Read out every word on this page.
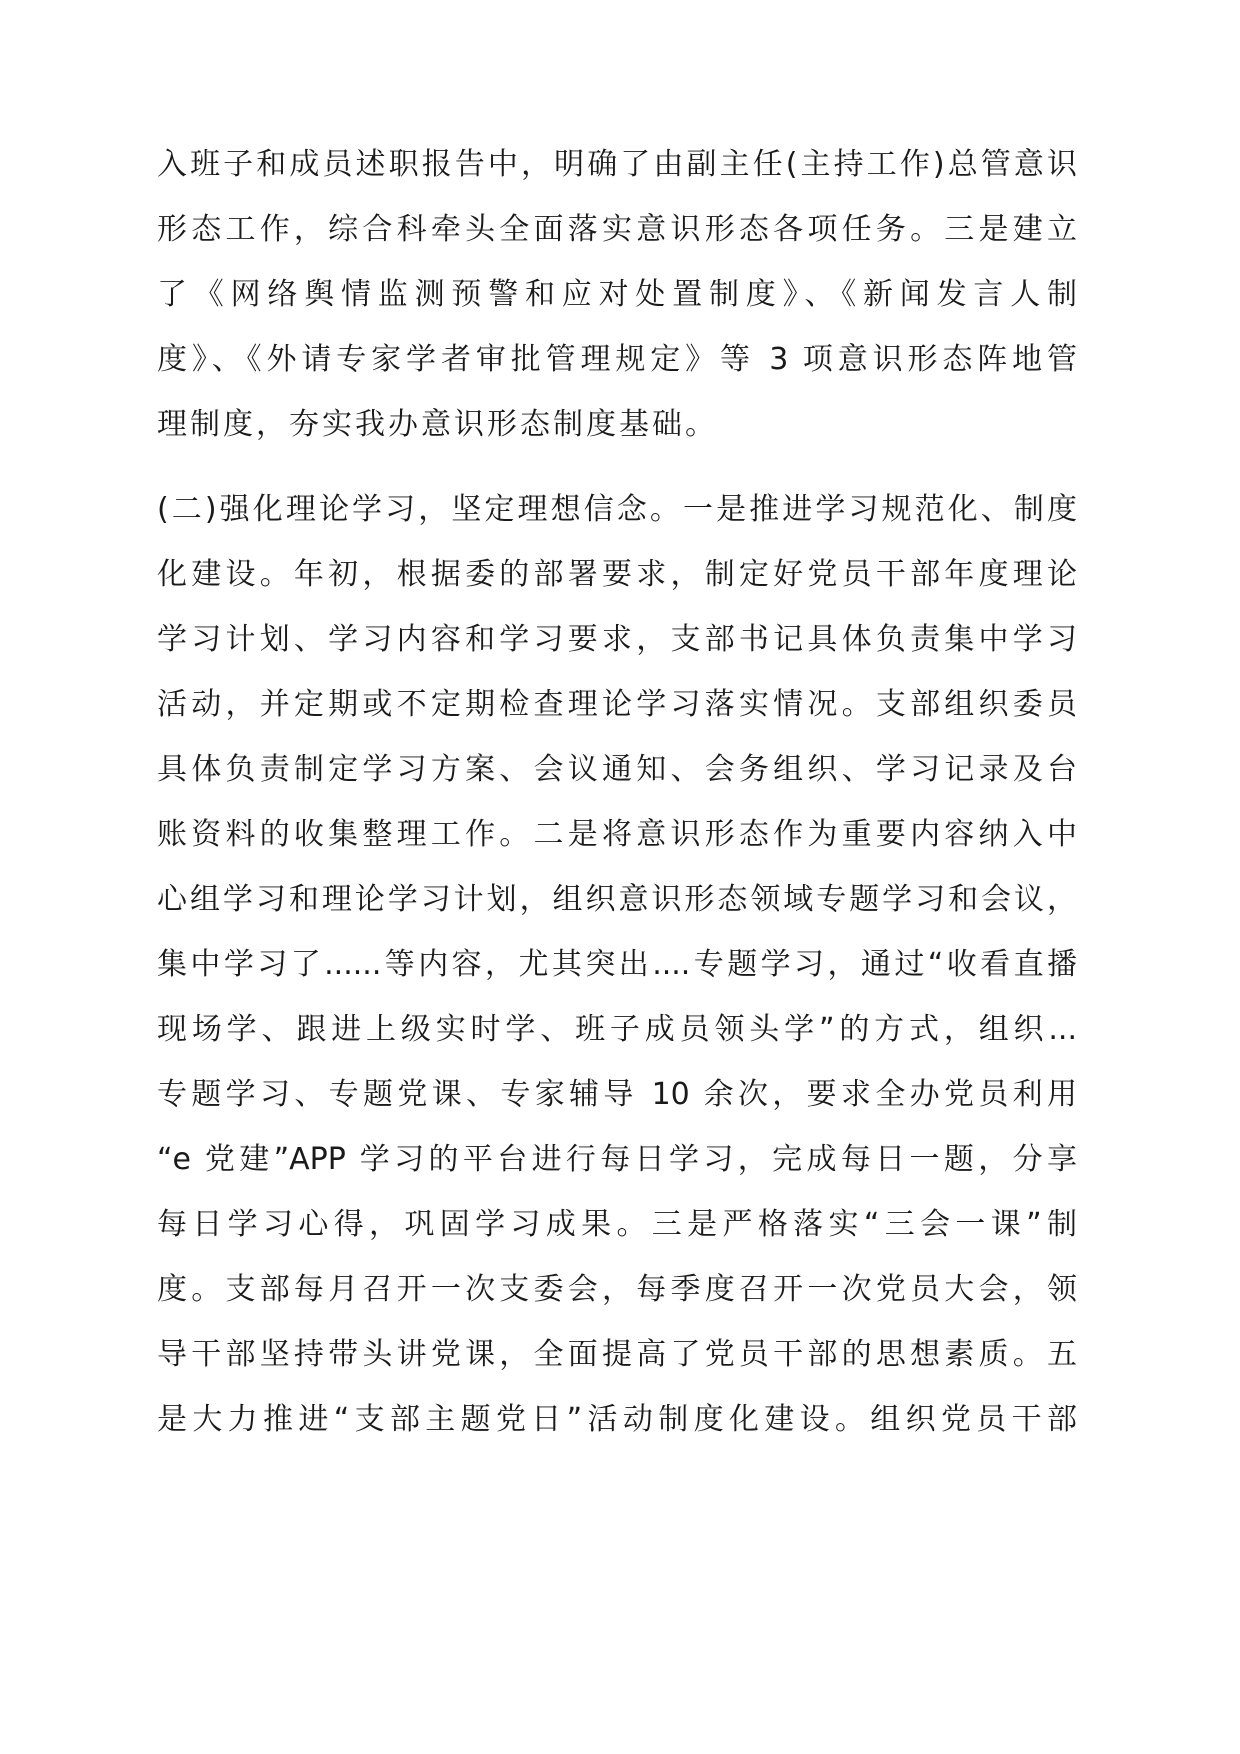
入班子和成员述职报告中，明确了由副主任(主持工作)总管意识
形态工作，综合科牵头全面落实意识形态各项任务。三是建立
了《网络舆情监测预警和应对处置制度》、《新闻发言人制
度》、《外请专家学者审批管理规定》等 3 项意识形态阵地管
理制度，夯实我办意识形态制度基础。
(二)强化理论学习，坚定理想信念。一是推进学习规范化、制度
化建设。年初，根据委的部署要求，制定好党员干部年度理论
学习计划、学习内容和学习要求，支部书记具体负责集中学习
活动，并定期或不定期检查理论学习落实情况。支部组织委员
具体负责制定学习方案、会议通知、会务组织、学习记录及台
账资料的收集整理工作。二是将意识形态作为重要内容纳入中
心组学习和理论学习计划，组织意识形态领域专题学习和会议，
集中学习了......等内容，尤其突出....专题学习，通过“收看直播
现场学、跟进上级实时学、班子成员领头学”的方式，组织...
专题学习、专题党课、专家辅导 10 余次，要求全办党员利用
“e 党建”APP 学习的平台进行每日学习，完成每日一题，分享
每日学习心得，巩固学习成果。三是严格落实“三会一课”制
度。支部每月召开一次支委会，每季度召开一次党员大会，领
导干部坚持带头讲党课，全面提高了党员干部的思想素质。五
是大力推进“支部主题党日”活动制度化建设。组织党员干部
